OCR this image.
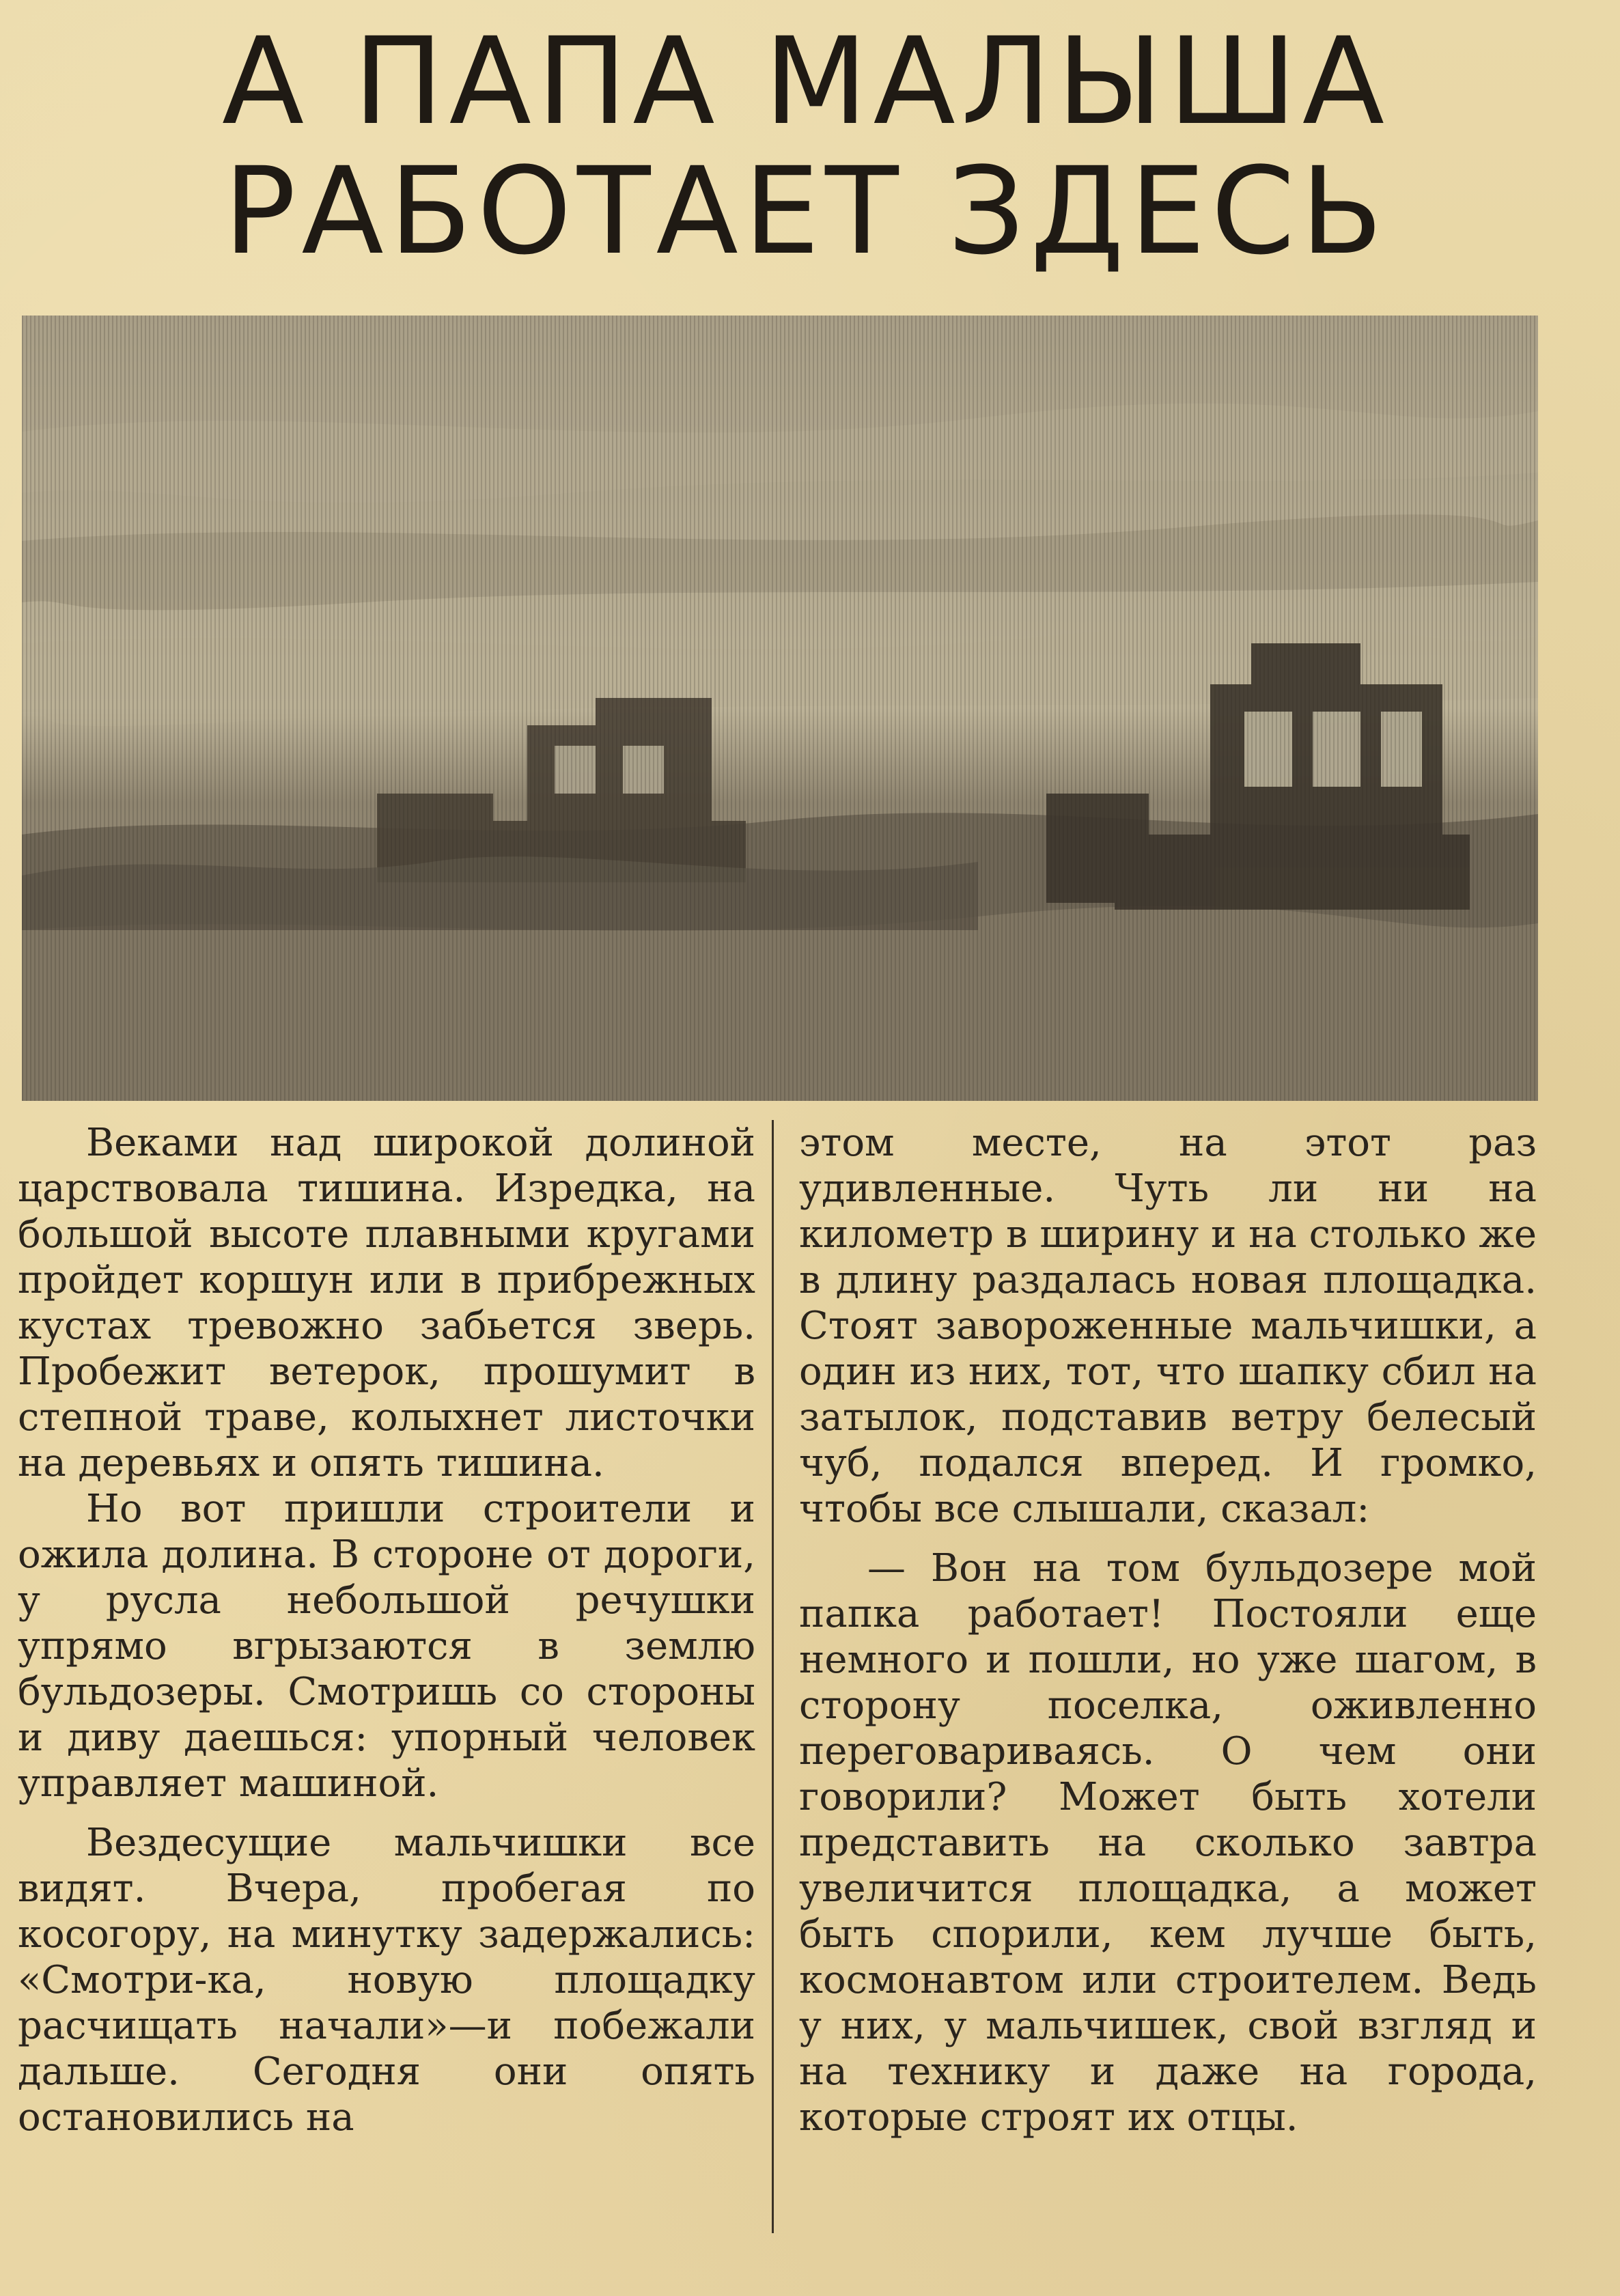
А ПАПА МАЛЫША
РАБОТАЕТ ЗДЕСЬ

Веками над широкой долиной царствовала тишина. Изредка, на большой высоте плавными кругами пройдет коршун или в прибрежных кустах тревожно забьется зверь. Пробежит ветерок, прошумит в степной траве, колыхнет листочки на деревьях и опять тишина.

Но вот пришли строители и ожила долина. В стороне от дороги, у русла небольшой речушки упрямо вгрызаются в землю бульдозеры. Смотришь со стороны и диву даешься: упорный человек управляет машиной.

Вездесущие мальчишки все видят. Вчера, пробегая по косогору, на минутку задержались: «Смотри-ка, новую площадку расчищать начали»—и побежали дальше. Сегодня они опять остановились на

этом месте, на этот раз удивленные. Чуть ли ни на километр в ширину и на столько же в длину раздалась новая площадка. Стоят завороженные мальчишки, а один из них, тот, что шапку сбил на затылок, подставив ветру белесый чуб, подался вперед. И громко, чтобы все слышали, сказал:

— Вон на том бульдозере мой папка работает! Постояли еще немного и пошли, но уже шагом, в сторону поселка, оживленно переговариваясь. О чем они говорили? Может быть хотели представить на сколько завтра увеличится площадка, а может быть спорили, кем лучше быть, космонавтом или строителем. Ведь у них, у мальчишек, свой взгляд и на технику и даже на города, которые строят их отцы.
